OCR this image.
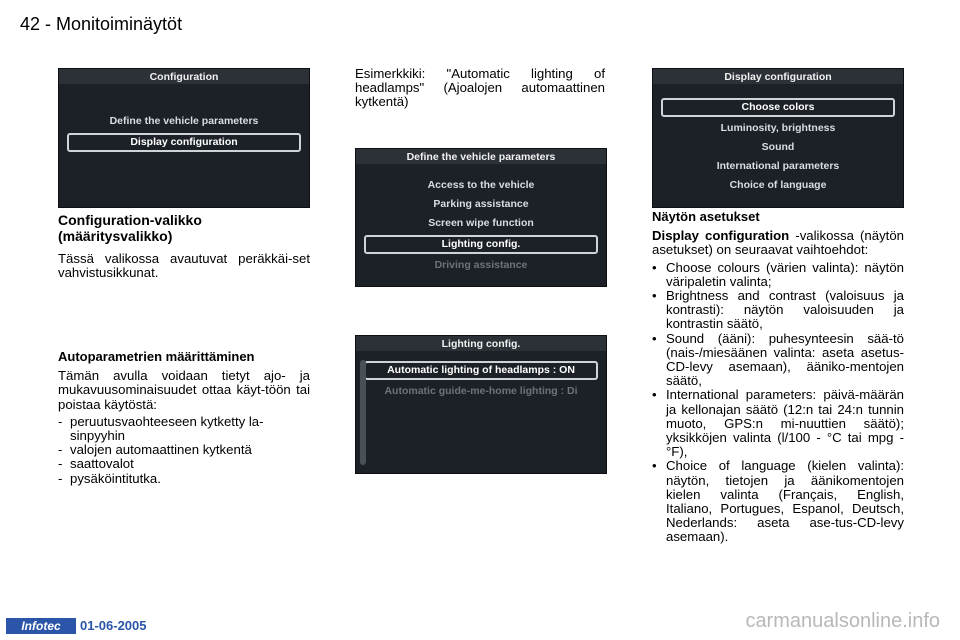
42 - Monitoiminäytöt
Configuration
Define the vehicle parameters
Display configuration
Configuration-valikko (määritysvalikko)

Tässä valikossa avautuvat peräkkäi-set vahvistusikkunat.

Autoparametrien määrittäminen

Tämän avulla voidaan tietyt ajo- ja mukavuusominaisuudet ottaa käyt-töön tai poistaa käytöstä:

- peruutusvaohteeseen kytketty la-sinpyyhin
- valojen automaattinen kytkentä
- saattovalot
- pysäköintitutka.
Esimerkkiki: "Automatic lighting of headlamps" (Ajoalojen automaattinen kytkentä)
Define the vehicle parameters
Access to the vehicle
Parking assistance
Screen wipe function
Lighting config.
Driving assistance
Lighting config.
Automatic lighting of headlamps : ON
Automatic guide-me-home lighting : Di
Display configuration
Choose colors
Luminosity, brightness
Sound
International parameters
Choice of language
Näytön asetukset

Display configuration -valikossa (näytön asetukset) on seuraavat vaihtoehdot:

• Choose colours (värien valinta): näytön väripaletin valinta;
• Brightness and contrast (valoisuus ja kontrasti): näytön valoisuuden ja kontrastin säätö,
• Sound (ääni): puhesynteesin sää-tö (nais-/miesäänen valinta: aseta asetus-CD-levy asemaan), ääniko-mentojen säätö,
• International parameters: päivä-määrän ja kellonajan säätö (12:n tai 24:n tunnin muoto, GPS:n mi-nuuttien säätö); yksikköjen valinta (l/100 - °C tai mpg - °F),
• Choice of language (kielen valinta): näytön, tietojen ja äänikomentojen kielen valinta (Français, English, Italiano, Portugues, Espanol, Deutsch, Nederlands: aseta ase-tus-CD-levy asemaan).
Infotec	01-06-2005	carmanualsonline.info
